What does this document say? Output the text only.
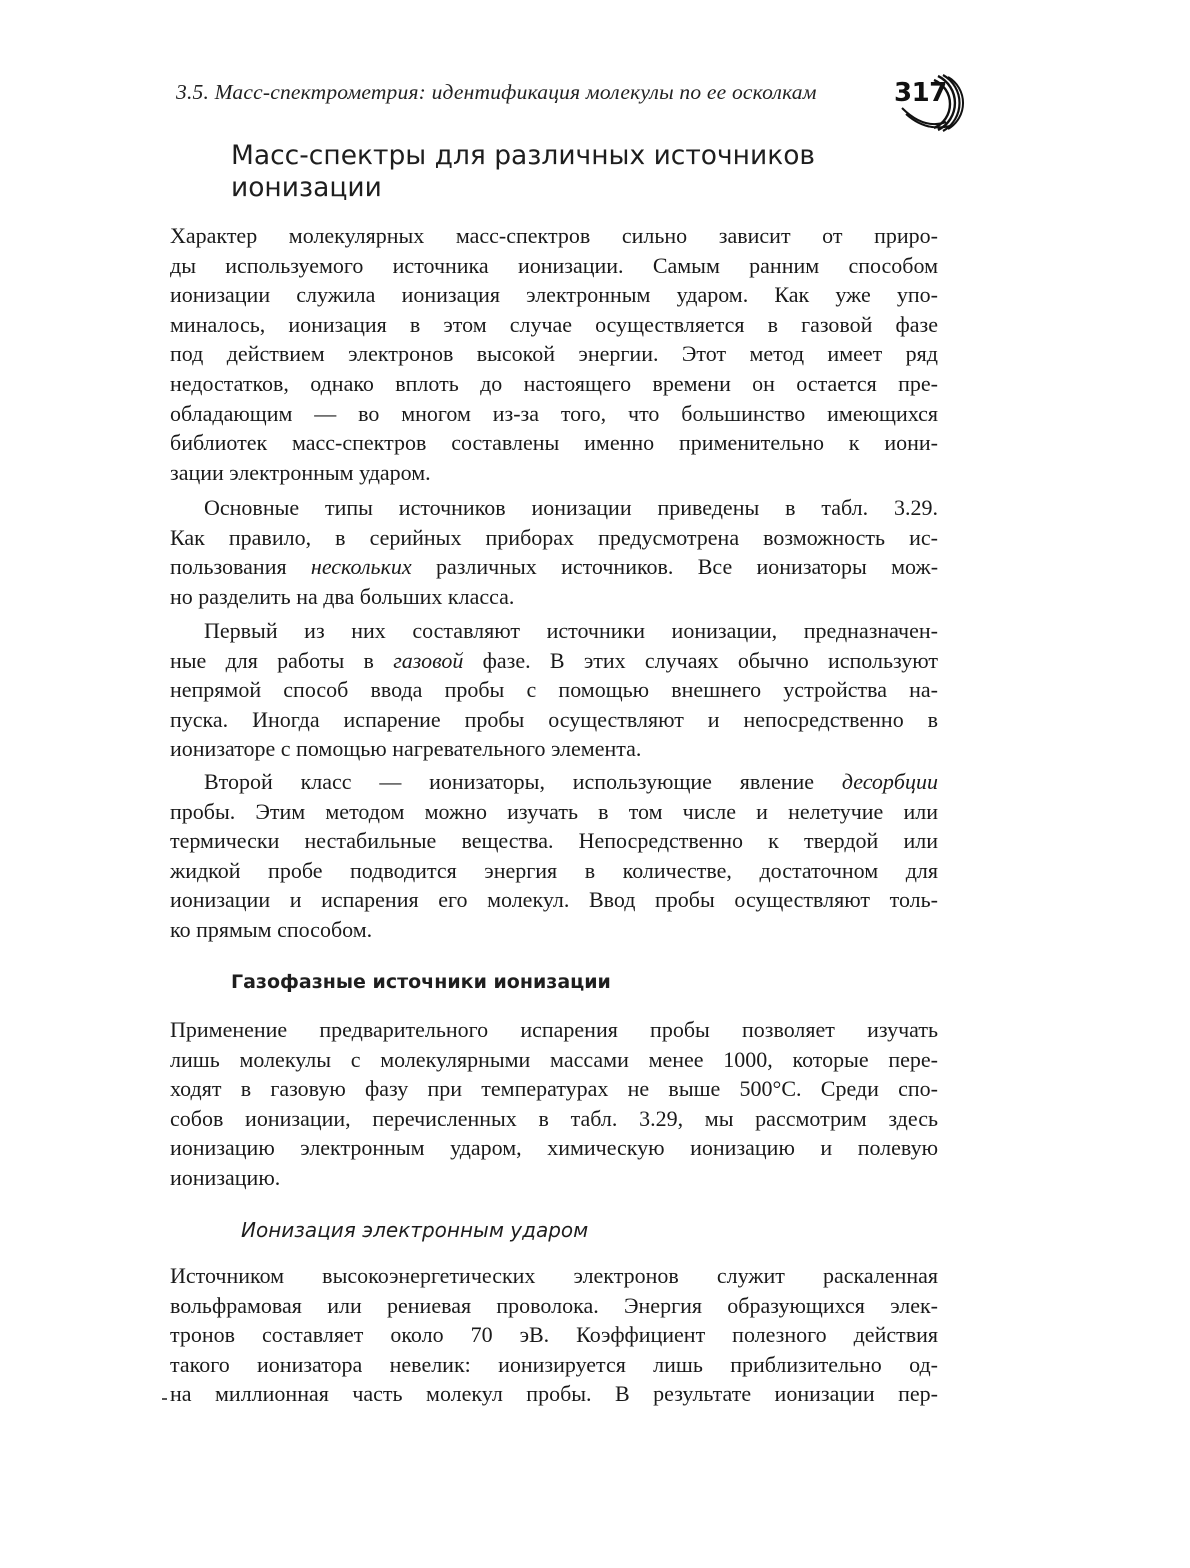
3.5. Масс-спектрометрия: идентификация молекулы по ее осколкам	317
Масс-спектры для различных источников
ионизации
Характер молекулярных масс-спектров сильно зависит от приро-
ды используемого источника ионизации. Самым ранним способом
ионизации служила ионизация электронным ударом. Как уже упо-
миналось, ионизация в этом случае осуществляется в газовой фазе
под действием электронов высокой энергии. Этот метод имеет ряд
недостатков, однако вплоть до настоящего времени он остается пре-
обладающим — во многом из-за того, что большинство имеющихся
библиотек масс-спектров составлены именно применительно к иони-
зации электронным ударом.
Основные типы источников ионизации приведены в табл. 3.29.
Как правило, в серийных приборах предусмотрена возможность ис-
пользования нескольких различных источников. Все ионизаторы мож-
но разделить на два больших класса.
Первый из них составляют источники ионизации, предназначен-
ные для работы в газовой фазе. В этих случаях обычно используют
непрямой способ ввода пробы с помощью внешнего устройства на-
пуска. Иногда испарение пробы осуществляют и непосредственно в
ионизаторе с помощью нагревательного элемента.
Второй класс — ионизаторы, использующие явление десорбции
пробы. Этим методом можно изучать в том числе и нелетучие или
термически нестабильные вещества. Непосредственно к твердой или
жидкой пробе подводится энергия в количестве, достаточном для
ионизации и испарения его молекул. Ввод пробы осуществляют толь-
ко прямым способом.
Газофазные источники ионизации
Применение предварительного испарения пробы позволяет изучать
лишь молекулы с молекулярными массами менее 1000, которые пере-
ходят в газовую фазу при температурах не выше 500°С. Среди спо-
собов ионизации, перечисленных в табл. 3.29, мы рассмотрим здесь
ионизацию электронным ударом, химическую ионизацию и полевую
ионизацию.
Ионизация электронным ударом
Источником высокоэнергетических электронов служит раскаленная
вольфрамовая или рениевая проволока. Энергия образующихся элек-
тронов составляет около 70 эВ. Коэффициент полезного действия
такого ионизатора невелик: ионизируется лишь приблизительно од-
на миллионная часть молекул пробы. В результате ионизации пер-
